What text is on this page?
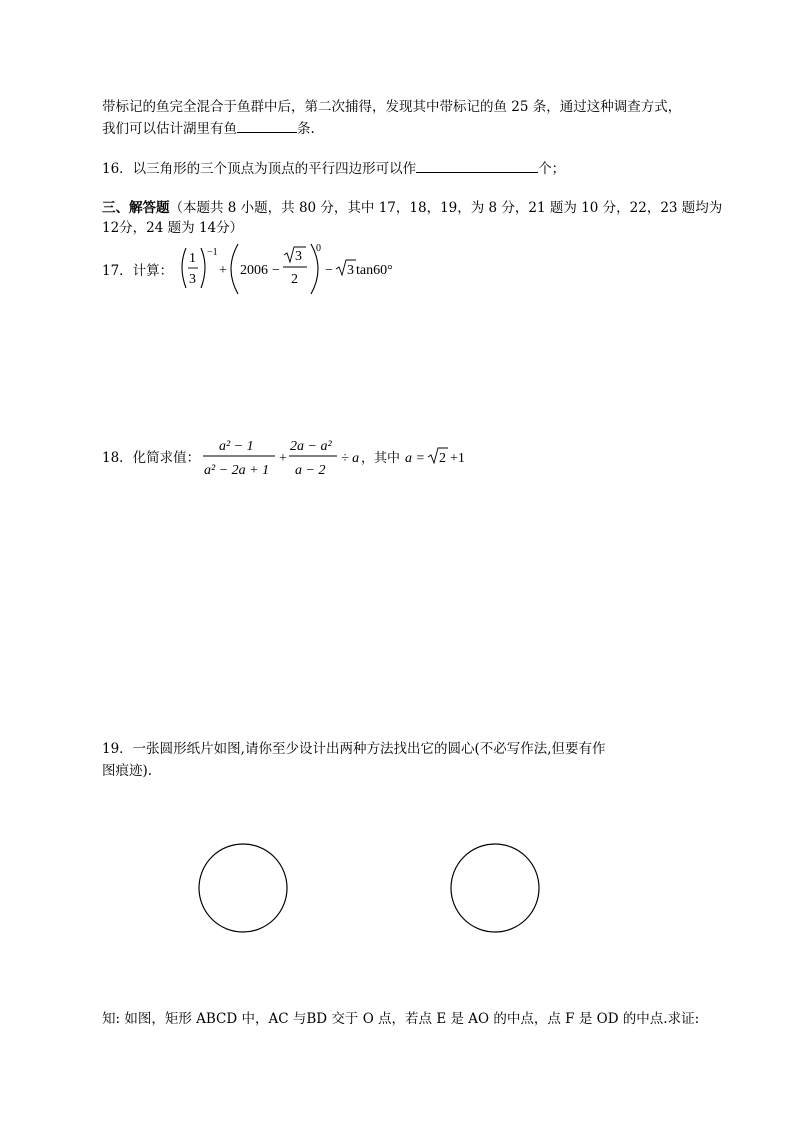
带标记的鱼完全混合于鱼群中后，第二次捕得，发现其中带标记的鱼 25 条，通过这种调查方式，
我们可以估计湖里有鱼	条.
16．以三角形的三个顶点为顶点的平行四边形可以作	个；
三、解答题（本题共 8 小题，共 80 分，其中 17，18，19，为 8 分，21 题为 10 分，22，23 题均为
12分，24 题为 14分）
17．计算：
1
3
−1
+ 2006 −
3
2
0
− 3 tan60°
18．化简求值：
a² − 1
a² − 2a + 1
+
2a − a²
a − 2
÷ a ，其中 a = 2 +1
19．一张圆形纸片如图,请你至少设计出两种方法找出它的圆心(不必写作法,但要有作
图痕迹).
知: 如图，矩形 ABCD 中，AC 与BD 交于 O 点，若点 E 是 AO 的中点，点 F 是 OD 的中点.求证:
